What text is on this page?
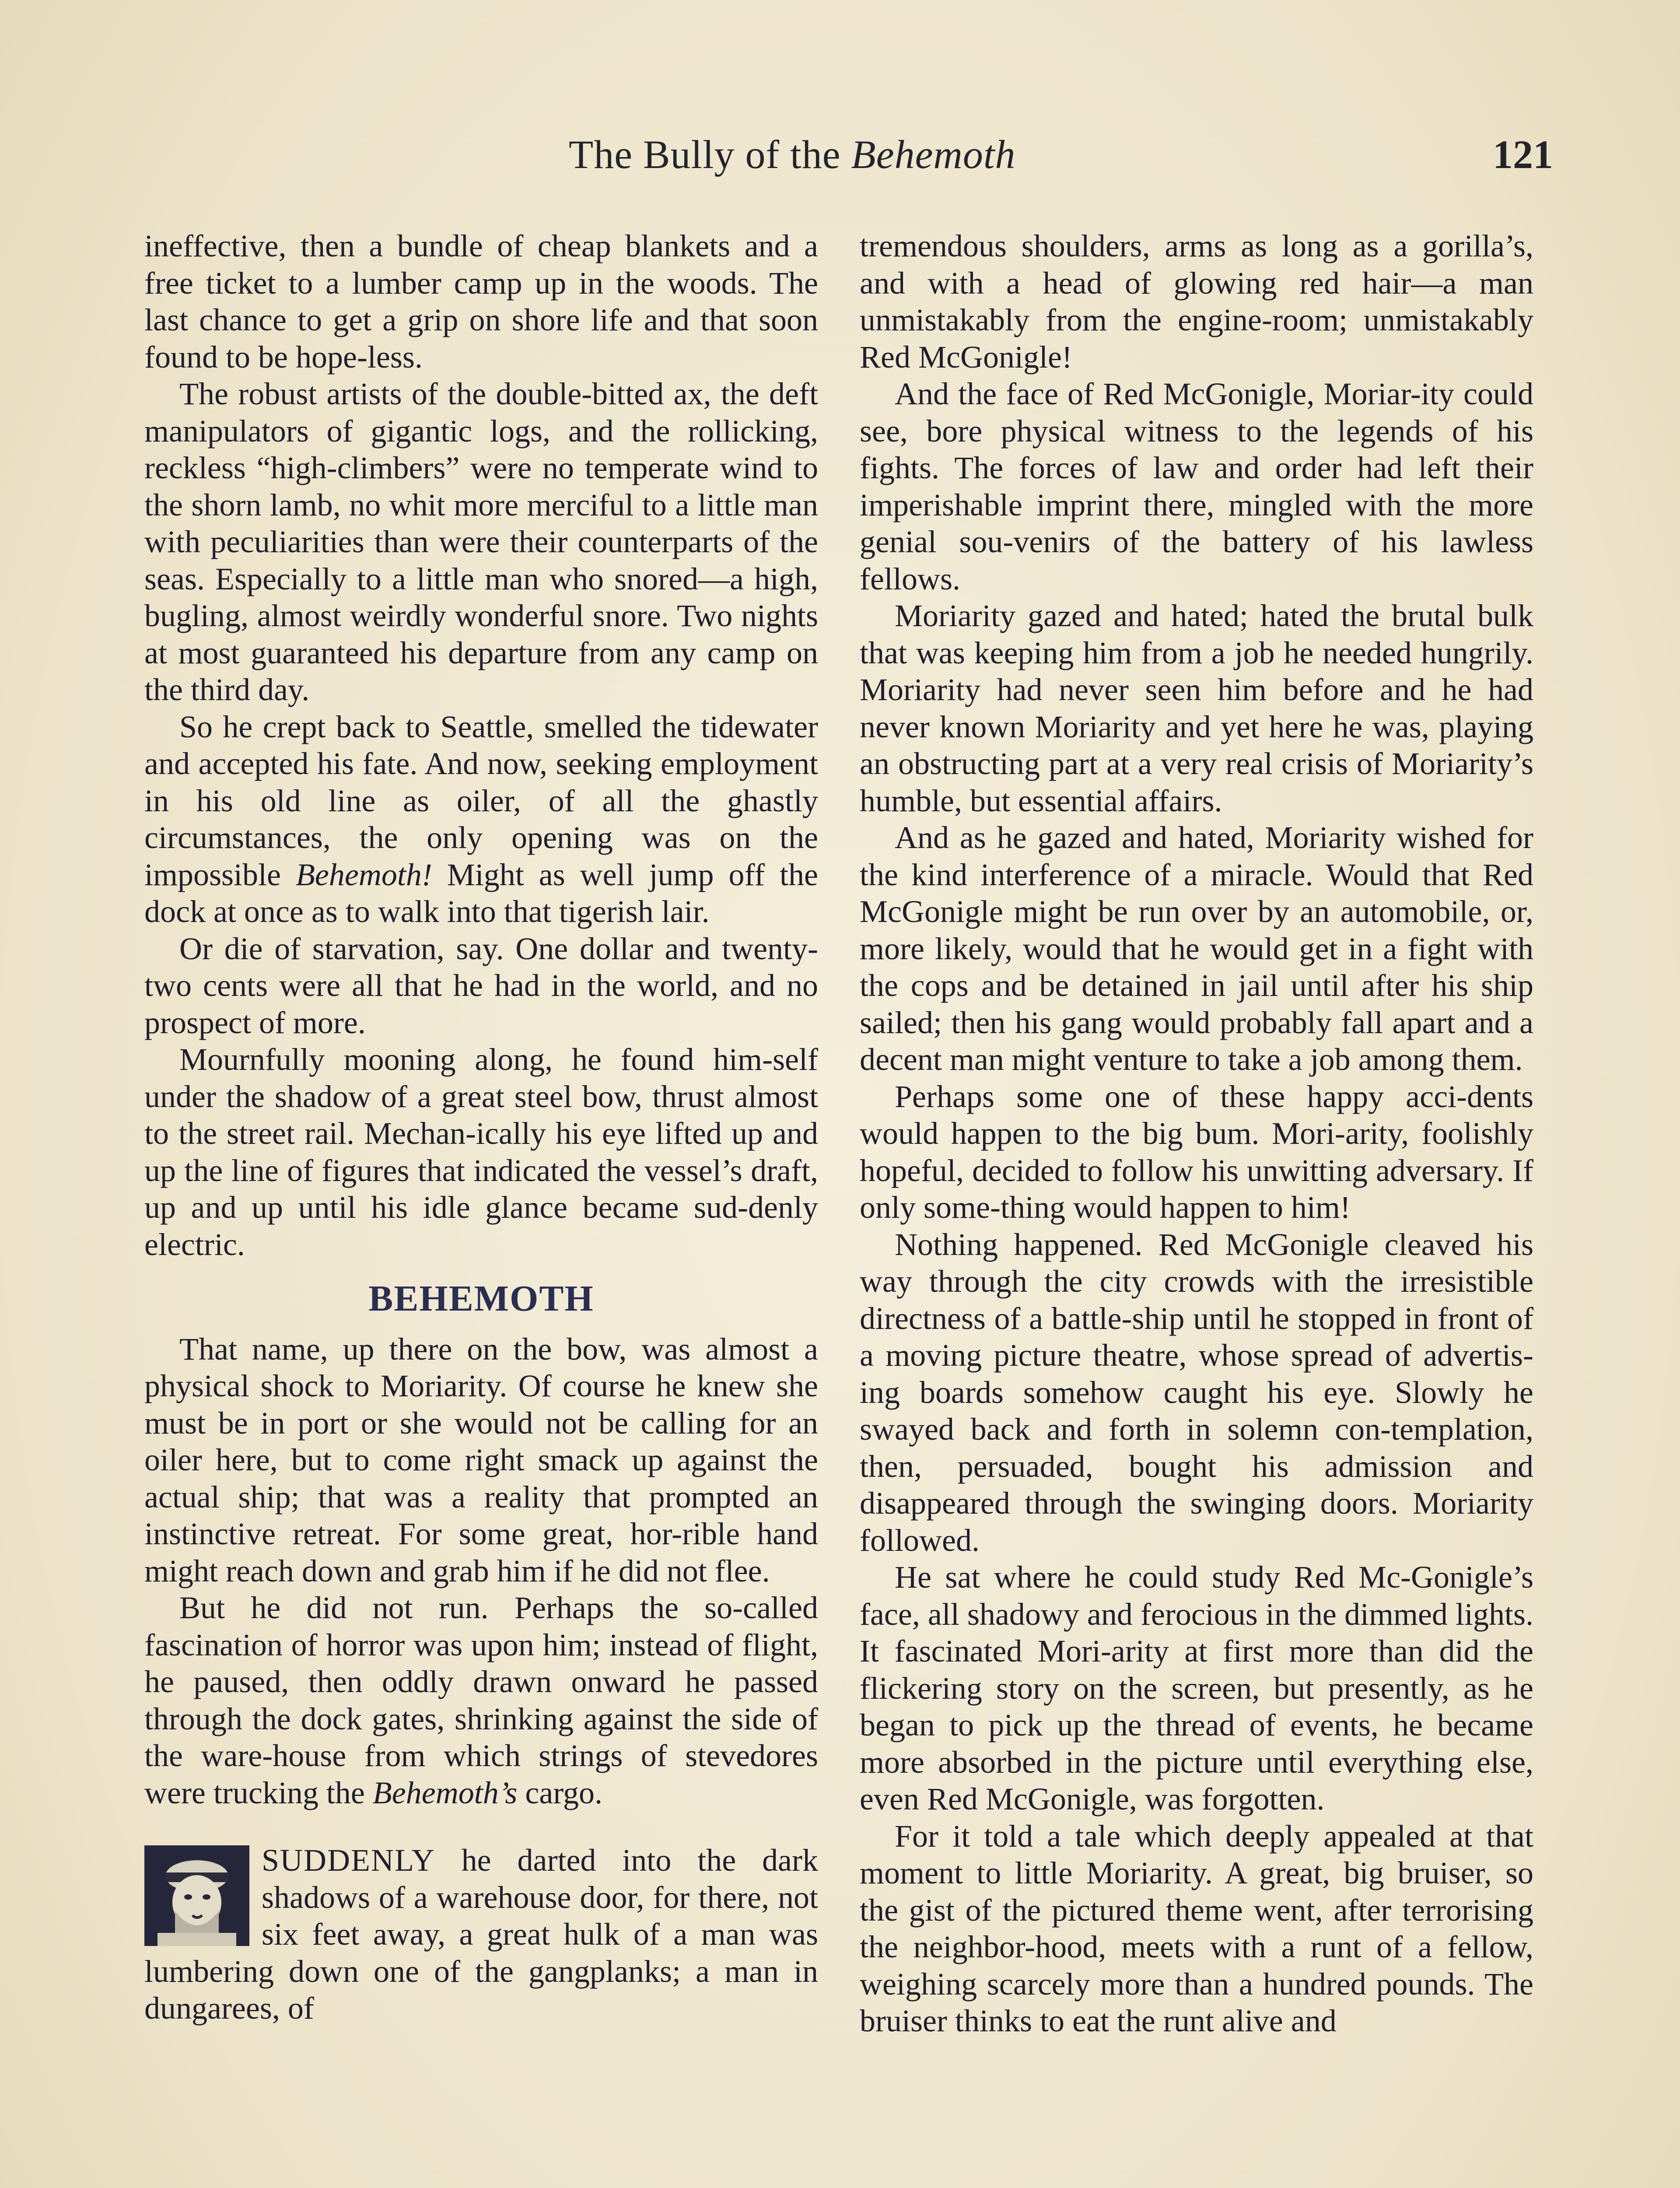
The Bully of the Behemoth	121

ineffective, then a bundle of cheap blankets and a free ticket to a lumber camp up in the woods. The last chance to get a grip on shore life and that soon found to be hope-less.

The robust artists of the double-bitted ax, the deft manipulators of gigantic logs, and the rollicking, reckless “high-climbers” were no temperate wind to the shorn lamb, no whit more merciful to a little man with peculiarities than were their counterparts of the seas. Especially to a little man who snored—a high, bugling, almost weirdly wonderful snore. Two nights at most guaranteed his departure from any camp on the third day.

So he crept back to Seattle, smelled the tidewater and accepted his fate. And now, seeking employment in his old line as oiler, of all the ghastly circumstances, the only opening was on the impossible Behemoth! Might as well jump off the dock at once as to walk into that tigerish lair.

Or die of starvation, say. One dollar and twenty-two cents were all that he had in the world, and no prospect of more.

Mournfully mooning along, he found him-self under the shadow of a great steel bow, thrust almost to the street rail. Mechan-ically his eye lifted up and up the line of figures that indicated the vessel’s draft, up and up until his idle glance became sud-denly electric.

BEHEMOTH

That name, up there on the bow, was almost a physical shock to Moriarity. Of course he knew she must be in port or she would not be calling for an oiler here, but to come right smack up against the actual ship; that was a reality that prompted an instinctive retreat. For some great, hor-rible hand might reach down and grab him if he did not flee.

But he did not run. Perhaps the so-called fascination of horror was upon him; instead of flight, he paused, then oddly drawn onward he passed through the dock gates, shrinking against the side of the ware-house from which strings of stevedores were trucking the Behemoth’s cargo.

SUDDENLY he darted into the dark shadows of a warehouse door, for there, not six feet away, a great hulk of a man was lumbering down one of the gangplanks; a man in dungarees, of

tremendous shoulders, arms as long as a gorilla’s, and with a head of glowing red hair—a man unmistakably from the engine-room; unmistakably Red McGonigle!

And the face of Red McGonigle, Moriar-ity could see, bore physical witness to the legends of his fights. The forces of law and order had left their imperishable imprint there, mingled with the more genial sou-venirs of the battery of his lawless fellows.

Moriarity gazed and hated; hated the brutal bulk that was keeping him from a job he needed hungrily. Moriarity had never seen him before and he had never known Moriarity and yet here he was, playing an obstructing part at a very real crisis of Moriarity’s humble, but essential affairs.

And as he gazed and hated, Moriarity wished for the kind interference of a miracle. Would that Red McGonigle might be run over by an automobile, or, more likely, would that he would get in a fight with the cops and be detained in jail until after his ship sailed; then his gang would probably fall apart and a decent man might venture to take a job among them.

Perhaps some one of these happy acci-dents would happen to the big bum. Mori-arity, foolishly hopeful, decided to follow his unwitting adversary. If only some-thing would happen to him!

Nothing happened. Red McGonigle cleaved his way through the city crowds with the irresistible directness of a battle-ship until he stopped in front of a moving picture theatre, whose spread of advertis-ing boards somehow caught his eye. Slowly he swayed back and forth in solemn con-templation, then, persuaded, bought his admission and disappeared through the swinging doors. Moriarity followed.

He sat where he could study Red Mc-Gonigle’s face, all shadowy and ferocious in the dimmed lights. It fascinated Mori-arity at first more than did the flickering story on the screen, but presently, as he began to pick up the thread of events, he became more absorbed in the picture until everything else, even Red McGonigle, was forgotten.

For it told a tale which deeply appealed at that moment to little Moriarity. A great, big bruiser, so the gist of the pictured theme went, after terrorising the neighbor-hood, meets with a runt of a fellow, weighing scarcely more than a hundred pounds. The bruiser thinks to eat the runt alive and
